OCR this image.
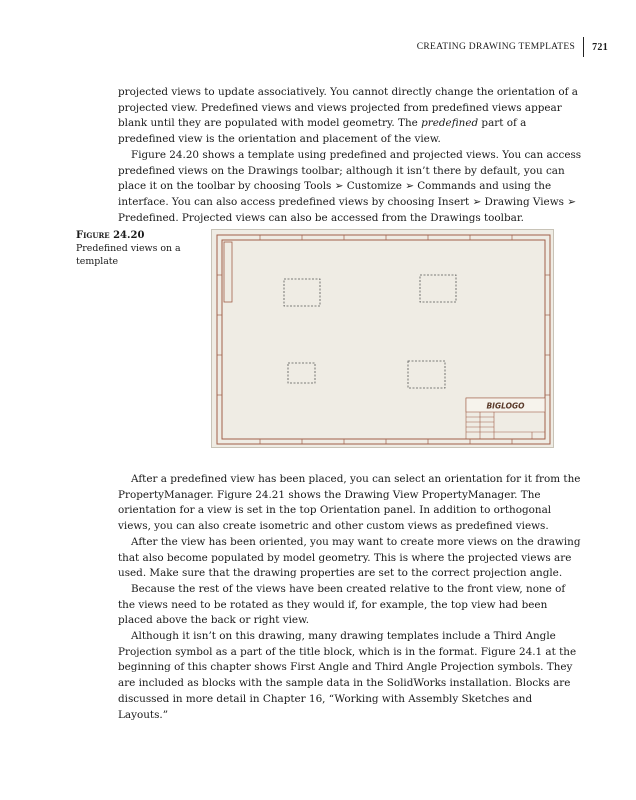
CREATING DRAWING TEMPLATES	721

projected views to update associatively. You cannot directly change the orientation of a projected view. Predefined views and views projected from predefined views appear blank until they are populated with model geometry. The predefined part of a predefined view is the orientation and placement of the view.

Figure 24.20 shows a template using predefined and projected views. You can access predefined views on the Drawings toolbar; although it isn’t there by default, you can place it on the toolbar by choosing Tools ➢ Customize ➢ Commands and using the interface. You can also access predefined views by choosing Insert ➢ Drawing Views ➢ Predefined. Projected views can also be accessed from the Drawings toolbar.

Figure 24.20
Predefined views on a template
BIGLOGO

After a predefined view has been placed, you can select an orientation for it from the PropertyManager. Figure 24.21 shows the Drawing View PropertyManager. The orientation for a view is set in the top Orientation panel. In addition to orthogonal views, you can also create isometric and other custom views as predefined views.

After the view has been oriented, you may want to create more views on the drawing that also become populated by model geometry. This is where the projected views are used. Make sure that the drawing properties are set to the correct projection angle.

Because the rest of the views have been created relative to the front view, none of the views need to be rotated as they would if, for example, the top view had been placed above the back or right view.

Although it isn’t on this drawing, many drawing templates include a Third Angle Projection symbol as a part of the title block, which is in the format. Figure 24.1 at the beginning of this chapter shows First Angle and Third Angle Projection symbols. They are included as blocks with the sample data in the SolidWorks installation. Blocks are discussed in more detail in Chapter 16, “Working with Assembly Sketches and Layouts.”
